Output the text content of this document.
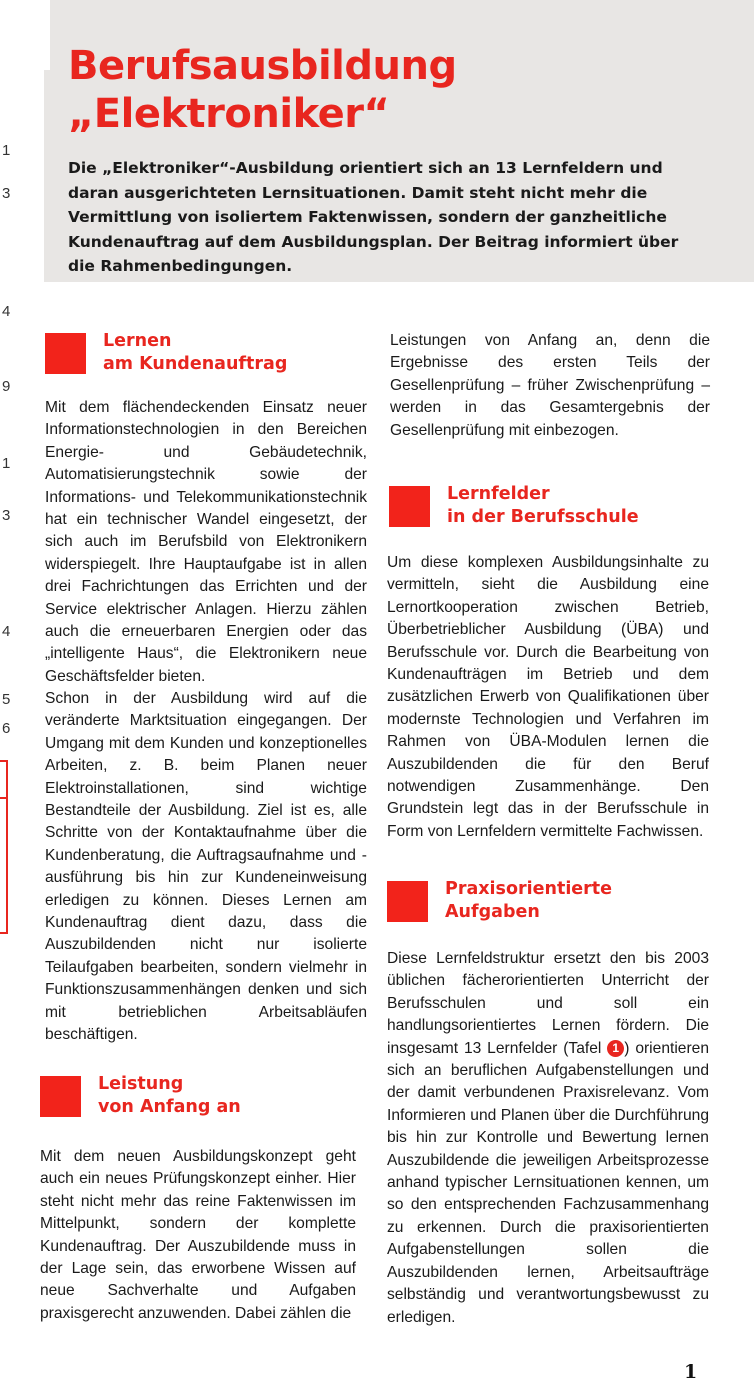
Berufsausbildung
„Elektroniker“

Die „Elektroniker“-Ausbildung orientiert sich an 13 Lernfeldern und daran ausgerichteten Lernsituationen. Damit steht nicht mehr die Vermittlung von isoliertem Faktenwissen, sondern der ganzheitliche Kundenauftrag auf dem Ausbildungsplan. Der Beitrag informiert über die Rahmenbedingungen.

1
3
4
9
1
3
4
5
6
Lernen
am Kundenauftrag

Mit dem flächendeckenden Einsatz neuer Informationstechnologien in den Bereichen Energie- und Gebäudetechnik, Automatisierungstechnik sowie der Informations- und Telekommunikationstechnik hat ein technischer Wandel eingesetzt, der sich auch im Berufsbild von Elektronikern widerspiegelt. Ihre Hauptaufgabe ist in allen drei Fachrichtungen das Errichten und der Service elektrischer Anlagen. Hierzu zählen auch die erneuerbaren Energien oder das „intelligente Haus“, die Elektronikern neue Geschäftsfelder bieten.

Schon in der Ausbildung wird auf die veränderte Marktsituation eingegangen. Der Umgang mit dem Kunden und konzeptionelles Arbeiten, z. B. beim Planen neuer Elektroinstallationen, sind wichtige Bestandteile der Ausbildung. Ziel ist es, alle Schritte von der Kontaktaufnahme über die Kundenberatung, die Auftragsaufnahme und -ausführung bis hin zur Kundeneinweisung erledigen zu können. Dieses Lernen am Kundenauftrag dient dazu, dass die Auszubildenden nicht nur isolierte Teilaufgaben bearbeiten, sondern vielmehr in Funktionszusammenhängen denken und sich mit betrieblichen Arbeitsabläufen beschäftigen.

Leistung
von Anfang an

Mit dem neuen Ausbildungskonzept geht auch ein neues Prüfungskonzept einher. Hier steht nicht mehr das reine Faktenwissen im Mittelpunkt, sondern der komplette Kundenauftrag. Der Auszubildende muss in der Lage sein, das erworbene Wissen auf neue Sachverhalte und Aufgaben praxisgerecht anzuwenden. Dabei zählen die

Leistungen von Anfang an, denn die Ergebnisse des ersten Teils der Gesellenprüfung – früher Zwischenprüfung – werden in das Gesamtergebnis der Gesellenprüfung mit einbezogen.

Lernfelder
in der Berufsschule

Um diese komplexen Ausbildungsinhalte zu vermitteln, sieht die Ausbildung eine Lernortkooperation zwischen Betrieb, Überbetrieblicher Ausbildung (ÜBA) und Berufsschule vor. Durch die Bearbeitung von Kundenaufträgen im Betrieb und dem zusätzlichen Erwerb von Qualifikationen über modernste Technologien und Verfahren im Rahmen von ÜBA-Modulen lernen die Auszubildenden die für den Beruf notwendigen Zusammenhänge. Den Grundstein legt das in der Berufsschule in Form von Lernfeldern vermittelte Fachwissen.

Praxisorientierte
Aufgaben

Diese Lernfeldstruktur ersetzt den bis 2003 üblichen fächerorientierten Unterricht der Berufsschulen und soll ein handlungsorientiertes Lernen fördern. Die insgesamt 13 Lernfelder (Tafel 1 ) orientieren sich an beruflichen Aufgabenstellungen und der damit verbundenen Praxisrelevanz. Vom Informieren und Planen über die Durchführung bis hin zur Kontrolle und Bewertung lernen Auszubildende die jeweiligen Arbeitsprozesse anhand typischer Lernsituationen kennen, um so den entsprechenden Fachzusammenhang zu erkennen. Durch die praxisorientierten Aufgabenstellungen sollen die Auszubildenden lernen, Arbeitsaufträge selbständig und verantwortungsbewusst zu erledigen.

1
